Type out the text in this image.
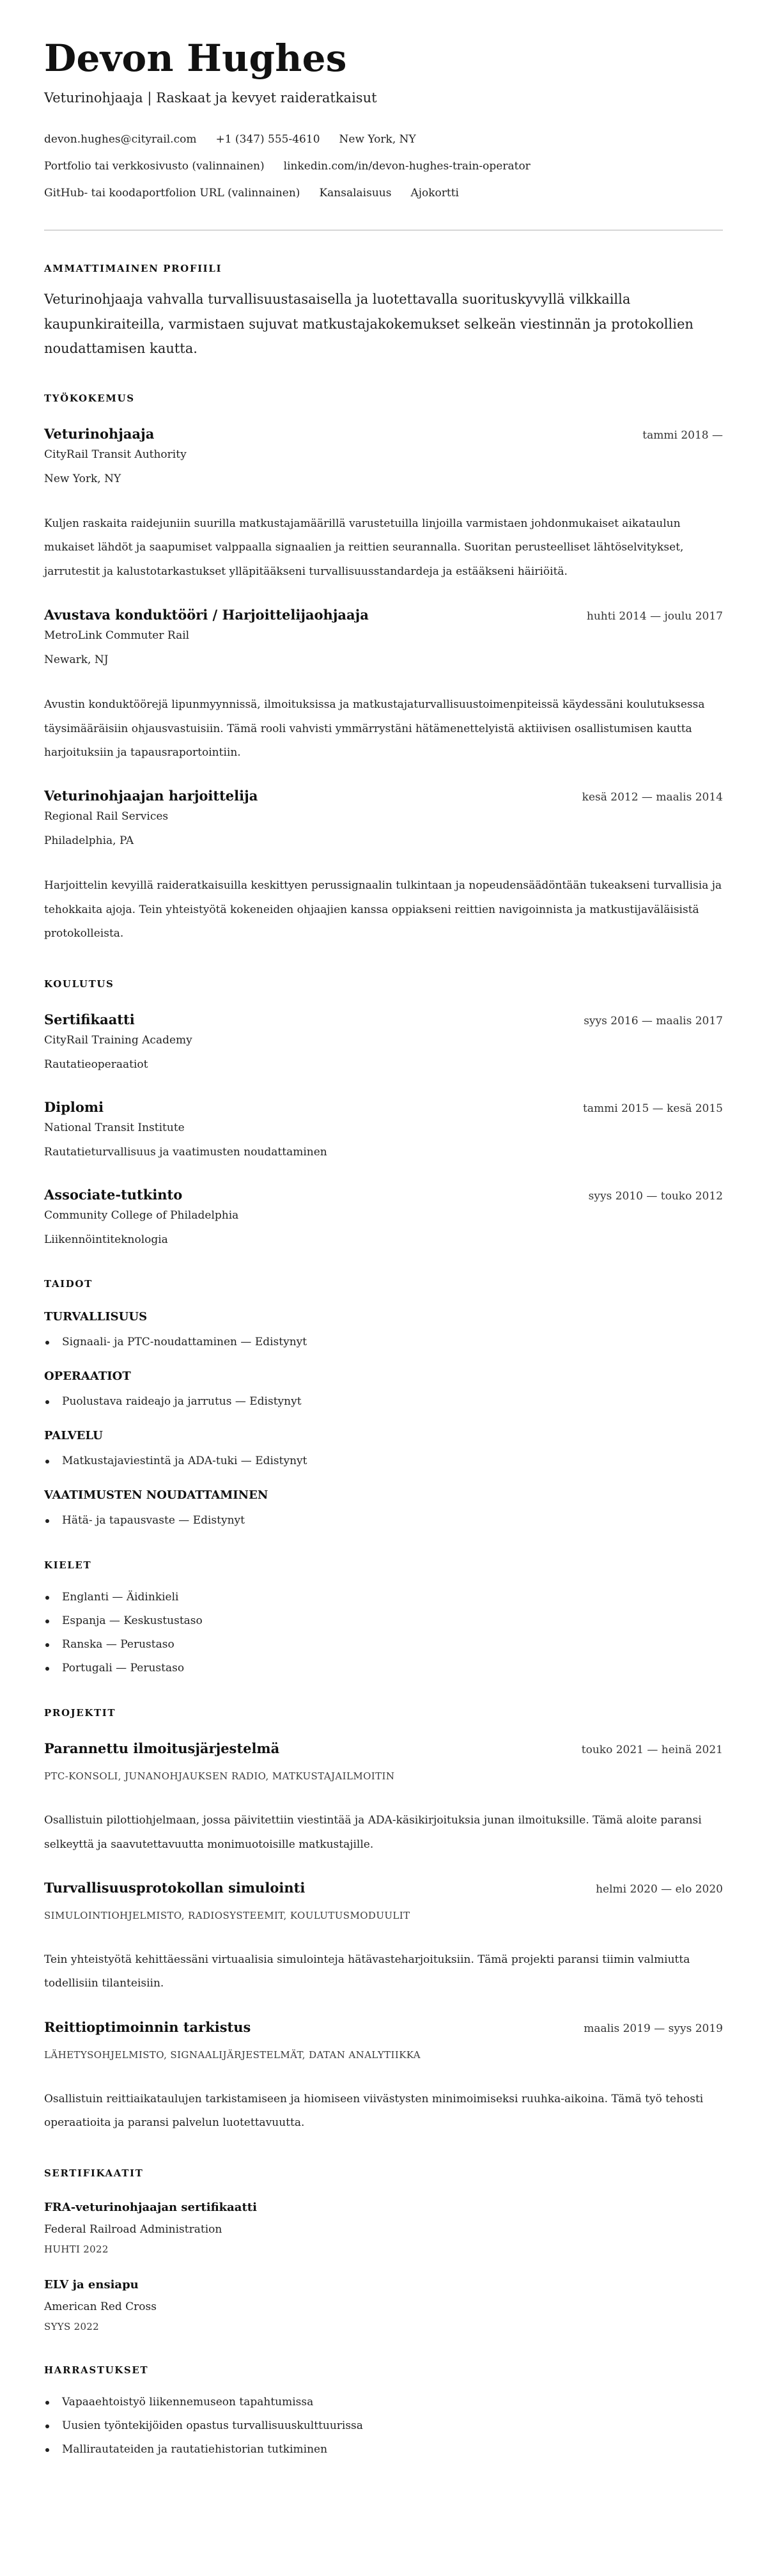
Devon Hughes
Veturinohjaaja | Raskaat ja kevyet raideratkaisut
devon.hughes@cityrail.com +1 (347) 555-4610 New York, NY
Portfolio tai verkkosivusto (valinnainen) linkedin.com/in/devon-hughes-train-operator
GitHub- tai koodaportfolion URL (valinnainen) Kansalaisuus Ajokortti
AMMATTIMAINEN PROFIILI

Veturinohjaaja vahvalla turvallisuustasaisella ja luotettavalla suorituskyvyllä vilkkailla kaupunkiraiteilla, varmistaen sujuvat matkustajakokemukset selkeän viestinnän ja protokollien noudattamisen kautta.

TYÖKOKEMUS
Veturinohjaaja	tammi 2018 —
CityRail Transit Authority
New York, NY

Kuljen raskaita raidejuniin suurilla matkustajamäärillä varustetuilla linjoilla varmistaen johdonmukaiset aikataulun mukaiset lähdöt ja saapumiset valppaalla signaalien ja reittien seurannalla. Suoritan perusteelliset lähtöselvitykset, jarrutestit ja kalustotarkastukset ylläpitääkseni turvallisuusstandardeja ja estääkseni häiriöitä.

Avustava konduktööri / Harjoittelijaohjaaja	huhti 2014 — joulu 2017
MetroLink Commuter Rail
Newark, NJ

Avustin konduktöörejä lipunmyynnissä, ilmoituksissa ja matkustajaturvallisuustoimenpiteissä käydessäni koulutuksessa täysimääräisiin ohjausvastuisiin. Tämä rooli vahvisti ymmärrystäni hätämenettelyistä aktiivisen osallistumisen kautta harjoituksiin ja tapausraportointiin.

Veturinohjaajan harjoittelija	kesä 2012 — maalis 2014
Regional Rail Services
Philadelphia, PA

Harjoittelin kevyillä raideratkaisuilla keskittyen perussignaalin tulkintaan ja nopeudensäädöntään tukeakseni turvallisia ja tehokkaita ajoja. Tein yhteistyötä kokeneiden ohjaajien kanssa oppiakseni reittien navigoinnista ja matkustijaväläisistä protokolleista.

KOULUTUS
Sertifikaatti	syys 2016 — maalis 2017
CityRail Training Academy
Rautatieoperaatiot
Diplomi	tammi 2015 — kesä 2015
National Transit Institute
Rautatieturvallisuus ja vaatimusten noudattaminen
Associate-tutkinto	syys 2010 — touko 2012
Community College of Philadelphia
Liikennöintiteknologia
TAIDOT
TURVALLISUUS
Signaali- ja PTC-noudattaminen — Edistynyt
OPERAATIOT
Puolustava raideajo ja jarrutus — Edistynyt
PALVELU
Matkustajaviestintä ja ADA-tuki — Edistynyt
VAATIMUSTEN NOUDATTAMINEN
Hätä- ja tapausvaste — Edistynyt
KIELET
Englanti — Äidinkieli
Espanja — Keskustustaso
Ranska — Perustaso
Portugali — Perustaso
PROJEKTIT
Parannettu ilmoitusjärjestelmä	touko 2021 — heinä 2021
PTC-KONSOLI, JUNANOHJAUKSEN RADIO, MATKUSTAJAILMOITIN

Osallistuin pilottiohjelmaan, jossa päivitettiin viestintää ja ADA-käsikirjoituksia junan ilmoituksille. Tämä aloite paransi selkeyttä ja saavutettavuutta monimuotoisille matkustajille.

Turvallisuusprotokollan simulointi	helmi 2020 — elo 2020
SIMULOINTIOHJELMISTO, RADIOSYSTEEMIT, KOULUTUSMODUULIT

Tein yhteistyötä kehittäessäni virtuaalisia simulointeja hätävasteharjoituksiin. Tämä projekti paransi tiimin valmiutta todellisiin tilanteisiin.

Reittioptimoinnin tarkistus	maalis 2019 — syys 2019
LÄHETYSOHJELMISTO, SIGNAALIJÄRJESTELMÄT, DATAN ANALYTIIKKA

Osallistuin reittiaikataulujen tarkistamiseen ja hiomiseen viivästysten minimoimiseksi ruuhka-aikoina. Tämä työ tehosti operaatioita ja paransi palvelun luotettavuutta.

SERTIFIKAATIT
FRA-veturinohjaajan sertifikaatti
Federal Railroad Administration
HUHTI 2022
ELV ja ensiapu
American Red Cross
SYYS 2022
HARRASTUKSET
Vapaaehtoistyö liikennemuseon tapahtumissa
Uusien työntekijöiden opastus turvallisuuskulttuurissa
Mallirautateiden ja rautatiehistorian tutkiminen
